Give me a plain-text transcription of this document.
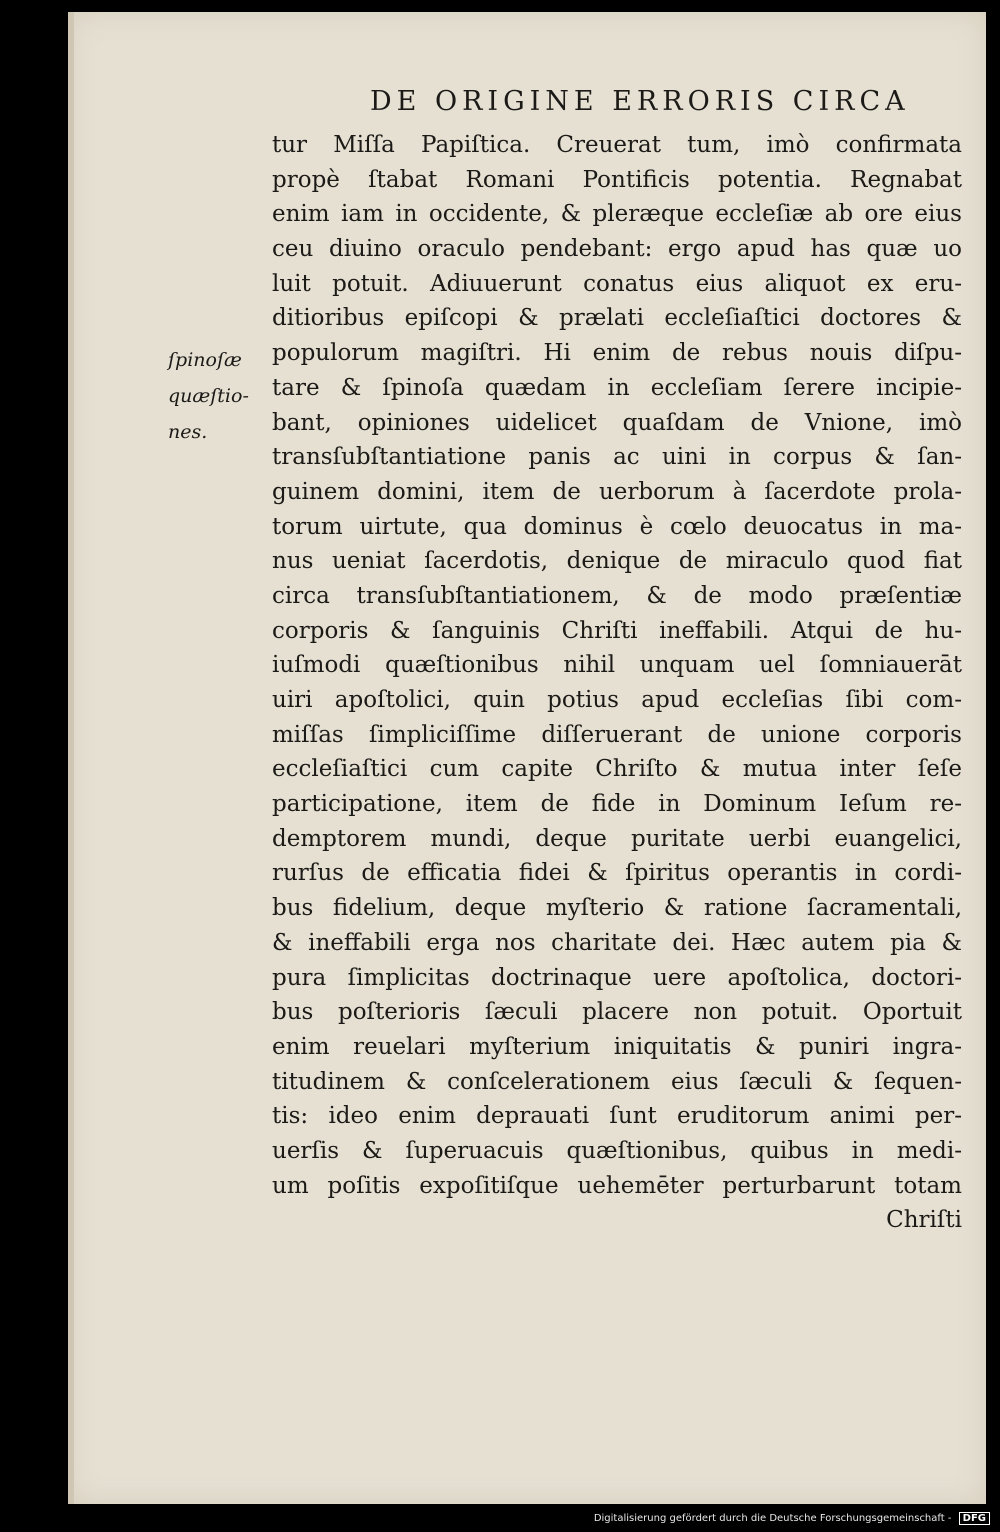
DE ORIGINE ERRORIS CIRCA
ſpinoſæ
quæſtio-
nes.
tur Miſſa Papiſtica. Creuerat tum, imò confirmata
propè ſtabat Romani Pontificis potentia. Regnabat
enim iam in occidente, & pleræque eccleſiæ ab ore eius
ceu diuino oraculo pendebant: ergo apud has quæ uo
luit potuit. Adiuuerunt conatus eius aliquot ex eru-
ditioribus epiſcopi & prælati eccleſiaſtici doctores &
populorum magiſtri. Hi enim de rebus nouis diſpu-
tare & ſpinoſa quædam in eccleſiam ſerere incipie-
bant, opiniones uidelicet quaſdam de Vnione, imò
transſubſtantiatione panis ac uini in corpus & ſan-
guinem domini, item de uerborum à ſacerdote prola-
torum uirtute, qua dominus è cœlo deuocatus in ma-
nus ueniat ſacerdotis, denique de miraculo quod fiat
circa transſubſtantiationem, & de modo præſentiæ
corporis & ſanguinis Chriſti ineffabili. Atqui de hu-
iuſmodi quæſtionibus nihil unquam uel ſomniauerāt
uiri apoſtolici, quin potius apud eccleſias ſibi com-
miſſas ſimpliciſſime diſſeruerant de unione corporis
eccleſiaſtici cum capite Chriſto & mutua inter ſeſe
participatione, item de fide in Dominum Ieſum re-
demptorem mundi, deque puritate uerbi euangelici,
rurſus de efficatia fidei & ſpiritus operantis in cordi-
bus fidelium, deque myſterio & ratione ſacramentali,
& ineffabili erga nos charitate dei. Hæc autem pia &
pura ſimplicitas doctrinaque uere apoſtolica, doctori-
bus poſterioris ſæculi placere non potuit. Oportuit
enim reuelari myſterium iniquitatis & puniri ingra-
titudinem & conſcelerationem eius ſæculi & ſequen-
tis: ideo enim deprauati ſunt eruditorum animi per-
uerſis & ſuperuacuis quæſtionibus, quibus in medi-
um poſitis expoſitiſque uehemēter perturbarunt totam
Chriſti
Digitalisierung gefördert durch die Deutsche Forschungsgemeinschaft - DFG
